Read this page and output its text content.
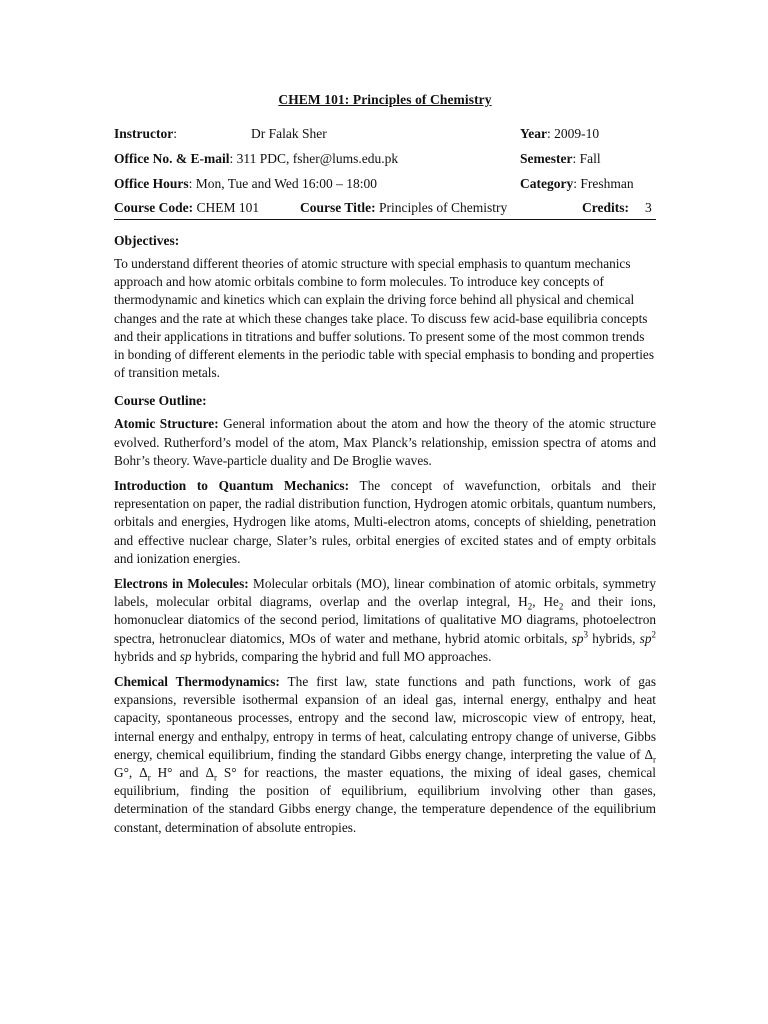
CHEM 101: Principles of Chemistry
Instructor:	Dr Falak Sher	Year: 2009-10
Office No. & E-mail: 311 PDC, fsher@lums.edu.pk	Semester: Fall
Office Hours: Mon, Tue and Wed 16:00 – 18:00	Category: Freshman
Course Code: CHEM 101	Course Title: Principles of Chemistry	Credits: 3
Objectives:

To understand different theories of atomic structure with special emphasis to quantum mechanics approach and how atomic orbitals combine to form molecules. To introduce key concepts of thermodynamic and kinetics which can explain the driving force behind all physical and chemical changes and the rate at which these changes take place. To discuss few acid-base equilibria concepts and their applications in titrations and buffer solutions. To present some of the most common trends in bonding of different elements in the periodic table with special emphasis to bonding and properties of transition metals.

Course Outline:

Atomic Structure: General information about the atom and how the theory of the atomic structure evolved. Rutherford’s model of the atom, Max Planck’s relationship, emission spectra of atoms and Bohr’s theory. Wave-particle duality and De Broglie waves.

Introduction to Quantum Mechanics: The concept of wavefunction, orbitals and their representation on paper, the radial distribution function, Hydrogen atomic orbitals, quantum numbers, orbitals and energies, Hydrogen like atoms, Multi-electron atoms, concepts of shielding, penetration and effective nuclear charge, Slater’s rules, orbital energies of excited states and of empty orbitals and ionization energies.

Electrons in Molecules: Molecular orbitals (MO), linear combination of atomic orbitals, symmetry labels, molecular orbital diagrams, overlap and the overlap integral, $H_2$, $He_2$ and their ions, homonuclear diatomics of the second period, limitations of qualitative MO diagrams, photoelectron spectra, hetronuclear diatomics, MOs of water and methane, hybrid atomic orbitals, $sp^3$ hybrids, $sp^2$ hybrids and sp hybrids, comparing the hybrid and full MO approaches.

Chemical Thermodynamics: The first law, state functions and path functions, work of gas expansions, reversible isothermal expansion of an ideal gas, internal energy, enthalpy and heat capacity, spontaneous processes, entropy and the second law, microscopic view of entropy, heat, internal energy and enthalpy, entropy in terms of heat, calculating entropy change of universe, Gibbs energy, chemical equilibrium, finding the standard Gibbs energy change, interpreting the value of $\Delta_r$ G°, $\Delta_r$ H° and $\Delta_r$ S° for reactions, the master equations, the mixing of ideal gases, chemical equilibrium, finding the position of equilibrium, equilibrium involving other than gases, determination of the standard Gibbs energy change, the temperature dependence of the equilibrium constant, determination of absolute entropies.
